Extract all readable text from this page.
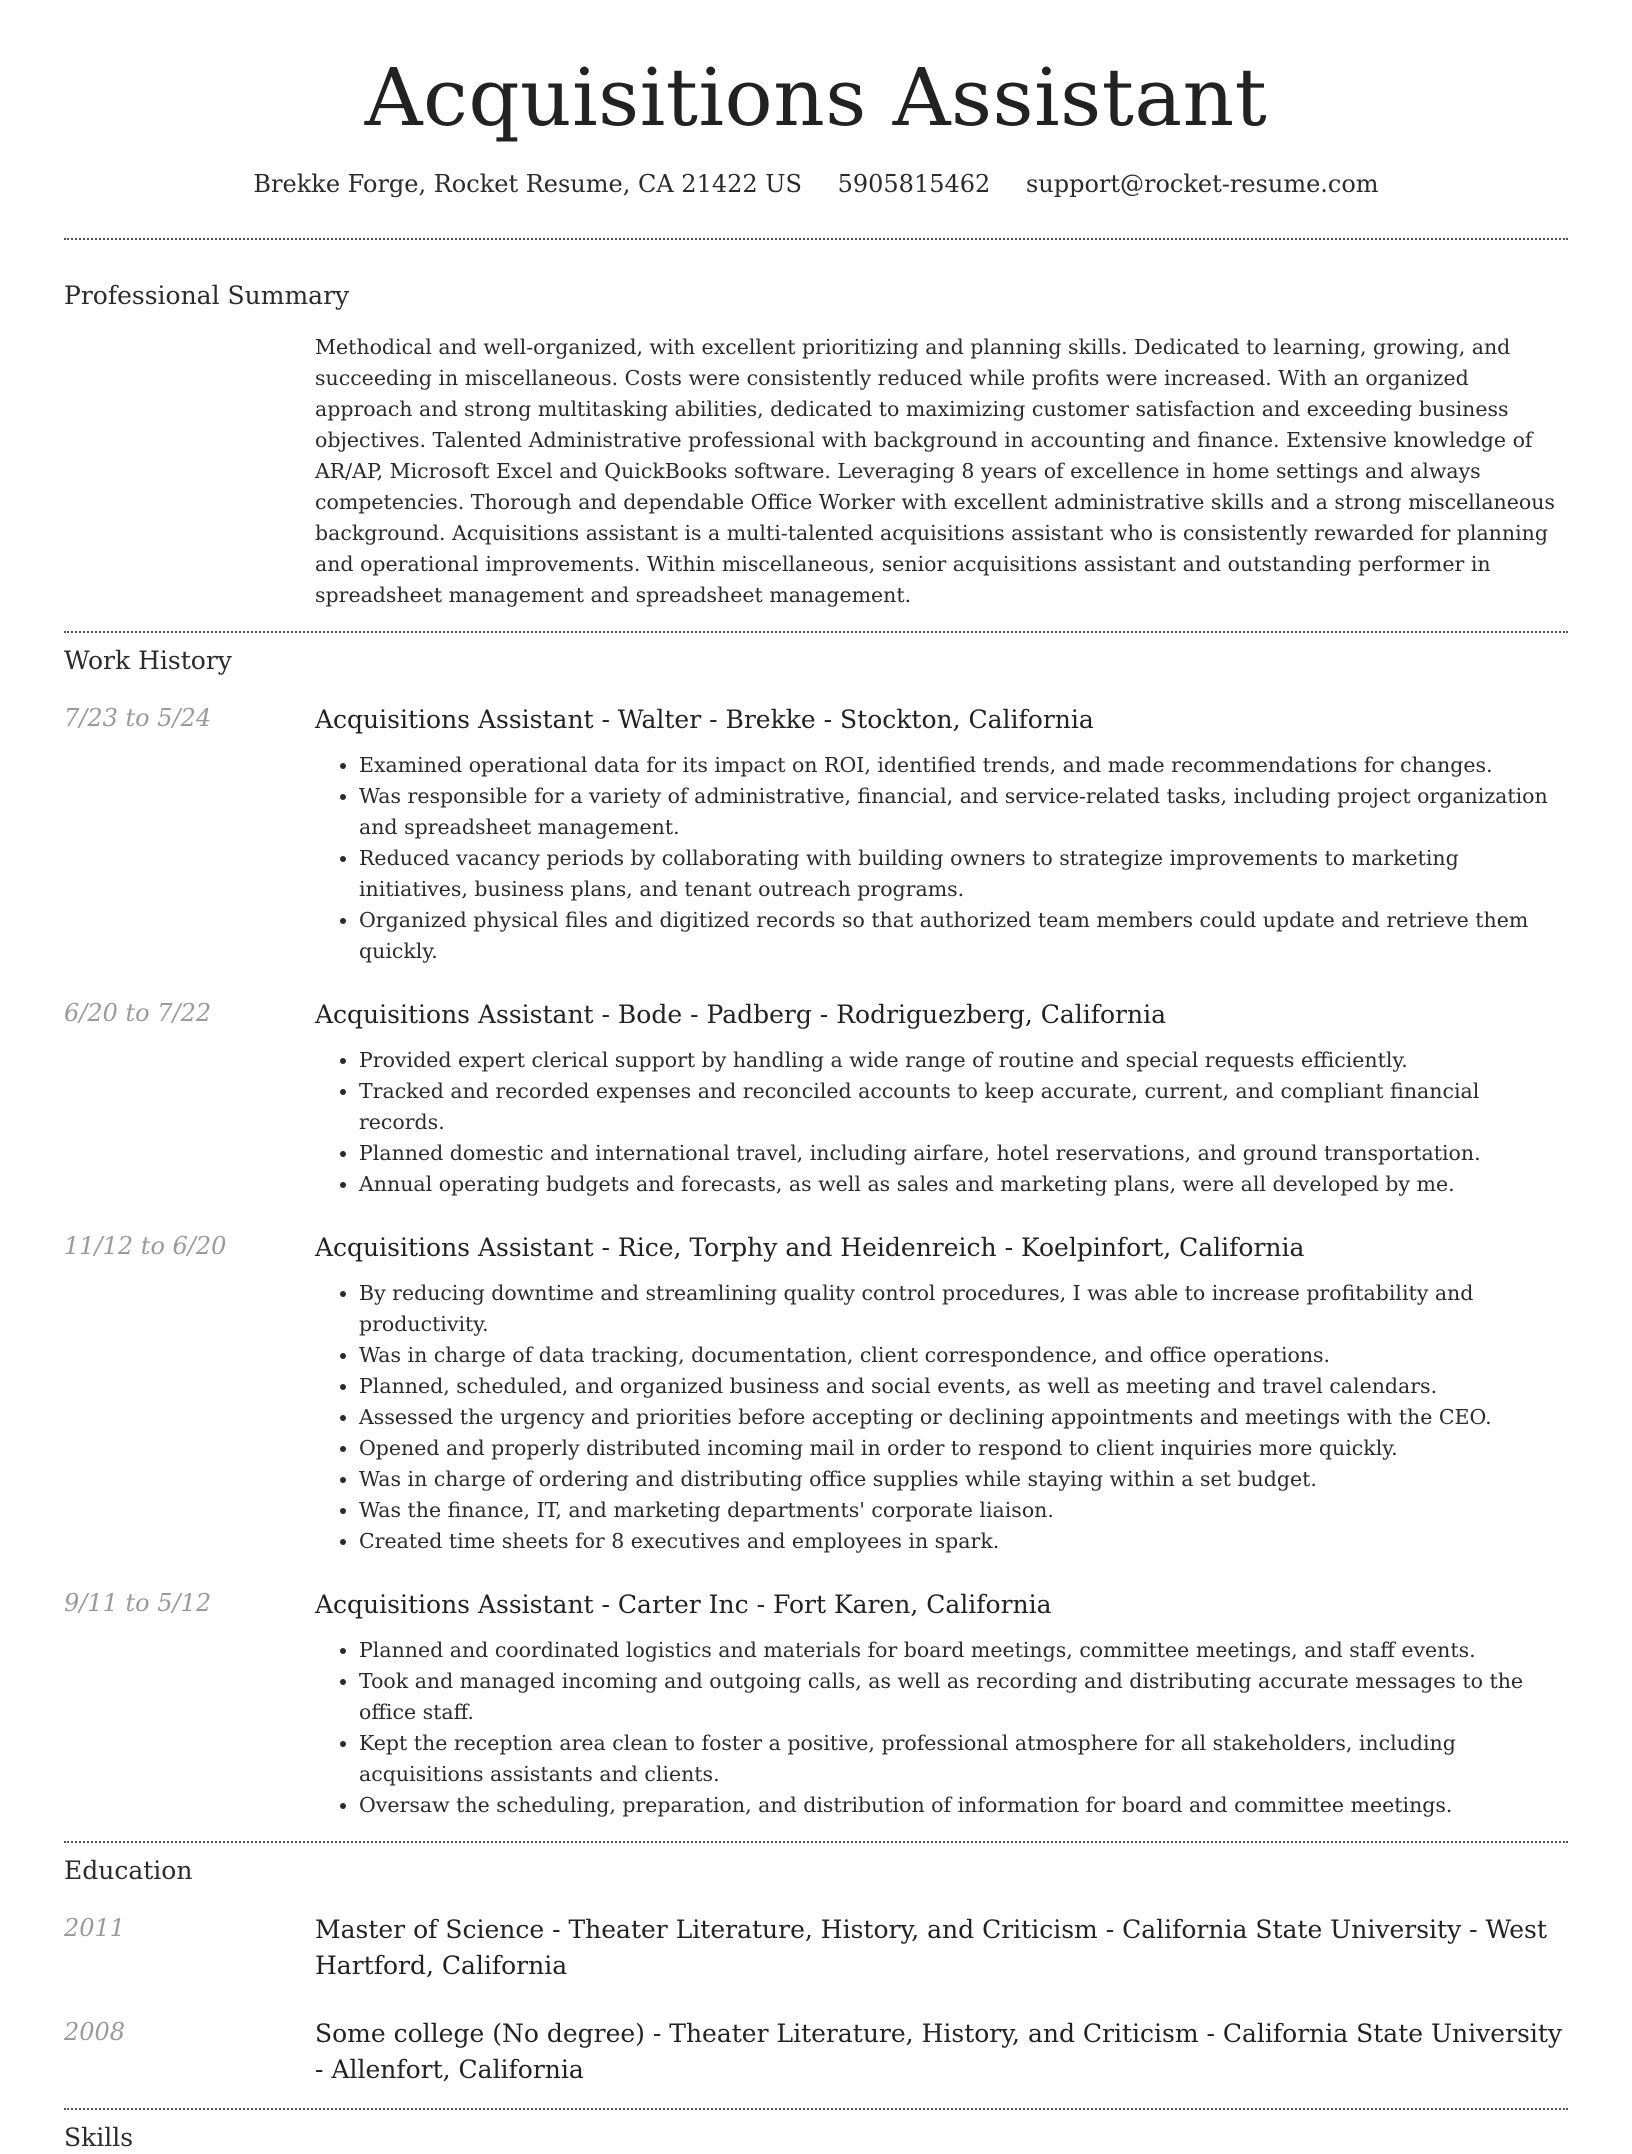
Acquisitions Assistant
Brekke Forge, Rocket Resume, CA 21422 US 5905815462 support@rocket-resume.com
Professional Summary
Methodical and well-organized, with excellent prioritizing and planning skills. Dedicated to learning, growing, and succeeding in miscellaneous. Costs were consistently reduced while profits were increased. With an organized approach and strong multitasking abilities, dedicated to maximizing customer satisfaction and exceeding business objectives. Talented Administrative professional with background in accounting and finance. Extensive knowledge of AR/AP, Microsoft Excel and QuickBooks software. Leveraging 8 years of excellence in home settings and always competencies. Thorough and dependable Office Worker with excellent administrative skills and a strong miscellaneous background. Acquisitions assistant is a multi-talented acquisitions assistant who is consistently rewarded for planning and operational improvements. Within miscellaneous, senior acquisitions assistant and outstanding performer in spreadsheet management and spreadsheet management.
Work History
7/23 to 5/24	Acquisitions Assistant - Walter - Brekke - Stockton, California
• Examined operational data for its impact on ROI, identified trends, and made recommendations for changes.
• Was responsible for a variety of administrative, financial, and service-related tasks, including project organization and spreadsheet management.
• Reduced vacancy periods by collaborating with building owners to strategize improvements to marketing initiatives, business plans, and tenant outreach programs.
• Organized physical files and digitized records so that authorized team members could update and retrieve them quickly.
6/20 to 7/22	Acquisitions Assistant - Bode - Padberg - Rodriguezberg, California
• Provided expert clerical support by handling a wide range of routine and special requests efficiently.
• Tracked and recorded expenses and reconciled accounts to keep accurate, current, and compliant financial records.
• Planned domestic and international travel, including airfare, hotel reservations, and ground transportation.
• Annual operating budgets and forecasts, as well as sales and marketing plans, were all developed by me.
11/12 to 6/20	Acquisitions Assistant - Rice, Torphy and Heidenreich - Koelpinfort, California
• By reducing downtime and streamlining quality control procedures, I was able to increase profitability and productivity.
• Was in charge of data tracking, documentation, client correspondence, and office operations.
• Planned, scheduled, and organized business and social events, as well as meeting and travel calendars.
• Assessed the urgency and priorities before accepting or declining appointments and meetings with the CEO.
• Opened and properly distributed incoming mail in order to respond to client inquiries more quickly.
• Was in charge of ordering and distributing office supplies while staying within a set budget.
• Was the finance, IT, and marketing departments' corporate liaison.
• Created time sheets for 8 executives and employees in spark.
9/11 to 5/12	Acquisitions Assistant - Carter Inc - Fort Karen, California
• Planned and coordinated logistics and materials for board meetings, committee meetings, and staff events.
• Took and managed incoming and outgoing calls, as well as recording and distributing accurate messages to the office staff.
• Kept the reception area clean to foster a positive, professional atmosphere for all stakeholders, including acquisitions assistants and clients.
• Oversaw the scheduling, preparation, and distribution of information for board and committee meetings.
Education
2011	Master of Science - Theater Literature, History, and Criticism - California State University - West Hartford, California
2008	Some college (No degree) - Theater Literature, History, and Criticism - California State University - Allenfort, California
Skills
